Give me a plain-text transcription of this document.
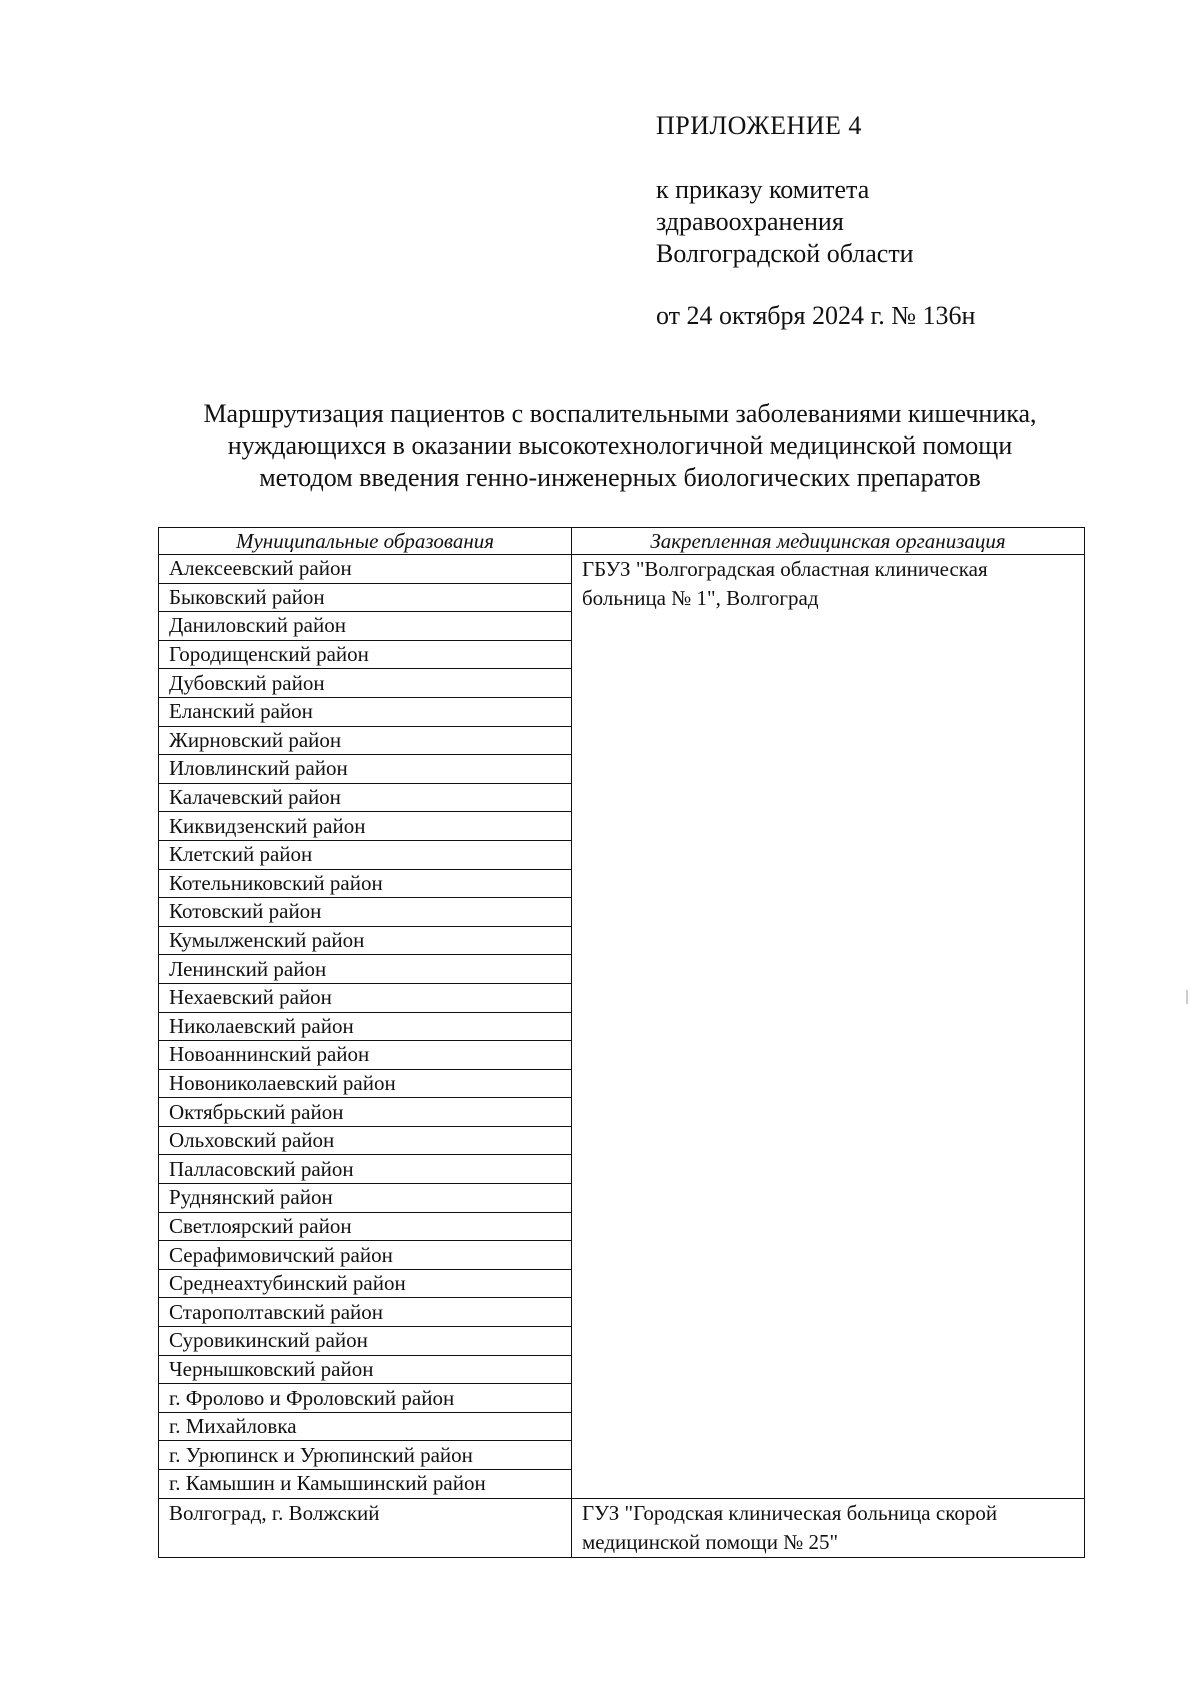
ПРИЛОЖЕНИЕ 4
к приказу комитета
здравоохранения
Волгоградской области
от 24 октября 2024 г. № 136н
Маршрутизация пациентов с воспалительными заболеваниями кишечника,
нуждающихся в оказании высокотехнологичной медицинской помощи
методом введения генно-инженерных биологических препаратов
Муниципальные образования	Закрепленная медицинская организация
Алексеевский район	ГБУЗ "Волгоградская областная клиническая больница № 1", Волгоград
Быковский район	
Даниловский район	
Городищенский район	
Дубовский район	
Еланский район	
Жирновский район	
Иловлинский район	
Калачевский район	
Киквидзенский район	
Клетский район	
Котельниковский район	
Котовский район	
Кумылженский район	
Ленинский район	
Нехаевский район	
Николаевский район	
Новоаннинский район	
Новониколаевский район	
Октябрьский район	
Ольховский район	
Палласовский район	
Руднянский район	
Светлоярский район	
Серафимовичский район	
Среднеахтубинский район	
Старополтавский район	
Суровикинский район	
Чернышковский район	
г. Фролово и Фроловский район	
г. Михайловка	
г. Урюпинск и Урюпинский район	
г. Камышин и Камышинский район	
Волгоград, г. Волжский	ГУЗ "Городская клиническая больница скорой медицинской помощи № 25"
